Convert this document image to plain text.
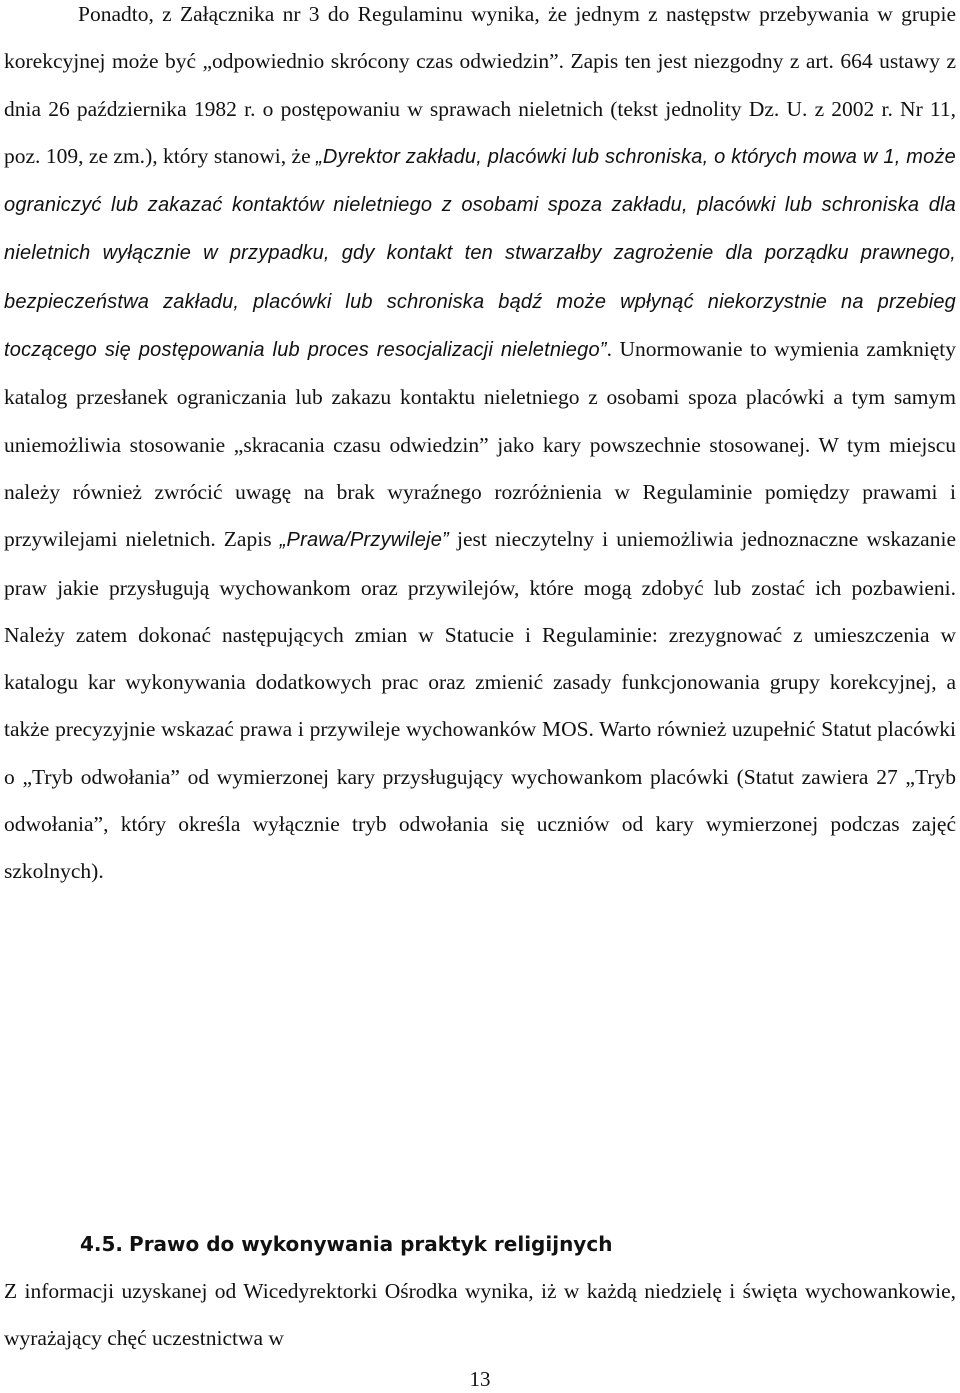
Ponadto, z Załącznika nr 3 do Regulaminu wynika, że jednym z następstw przebywania w grupie korekcyjnej może być „odpowiednio skrócony czas odwiedzin”. Zapis ten jest niezgodny z art. 664 ustawy z dnia 26 października 1982 r. o postępowaniu w sprawach nieletnich (tekst jednolity Dz. U. z 2002 r. Nr 11, poz. 109, ze zm.), który stanowi, że „Dyrektor zakładu, placówki lub schroniska, o których mowa w 1, może ograniczyć lub zakazać kontaktów nieletniego z osobami spoza zakładu, placówki lub schroniska dla nieletnich wyłącznie w przypadku, gdy kontakt ten stwarzałby zagrożenie dla porządku prawnego, bezpieczeństwa zakładu, placówki lub schroniska bądź może wpłynąć niekorzystnie na przebieg toczącego się postępowania lub proces resocjalizacji nieletniego”. Unormowanie to wymienia zamknięty katalog przesłanek ograniczania lub zakazu kontaktu nieletniego z osobami spoza placówki a tym samym uniemożliwia stosowanie „skracania czasu odwiedzin” jako kary powszechnie stosowanej. W tym miejscu należy również zwrócić uwagę na brak wyraźnego rozróżnienia w Regulaminie pomiędzy prawami i przywilejami nieletnich. Zapis „Prawa/Przywileje” jest nieczytelny i uniemożliwia jednoznaczne wskazanie praw jakie przysługują wychowankom oraz przywilejów, które mogą zdobyć lub zostać ich pozbawieni. Należy zatem dokonać następujących zmian w Statucie i Regulaminie: zrezygnować z umieszczenia w katalogu kar wykonywania dodatkowych prac oraz zmienić zasady funkcjonowania grupy korekcyjnej, a także precyzyjnie wskazać prawa i przywileje wychowanków MOS. Warto również uzupełnić Statut placówki o „Tryb odwołania” od wymierzonej kary przysługujący wychowankom placówki (Statut zawiera 27 „Tryb odwołania”, który określa wyłącznie tryb odwołania się uczniów od kary wymierzonej podczas zajęć szkolnych).

4.5. Prawo do wykonywania praktyk religijnych

Z informacji uzyskanej od Wicedyrektorki Ośrodka wynika, iż w każdą niedzielę i święta wychowankowie, wyrażający chęć uczestnictwa w

13
